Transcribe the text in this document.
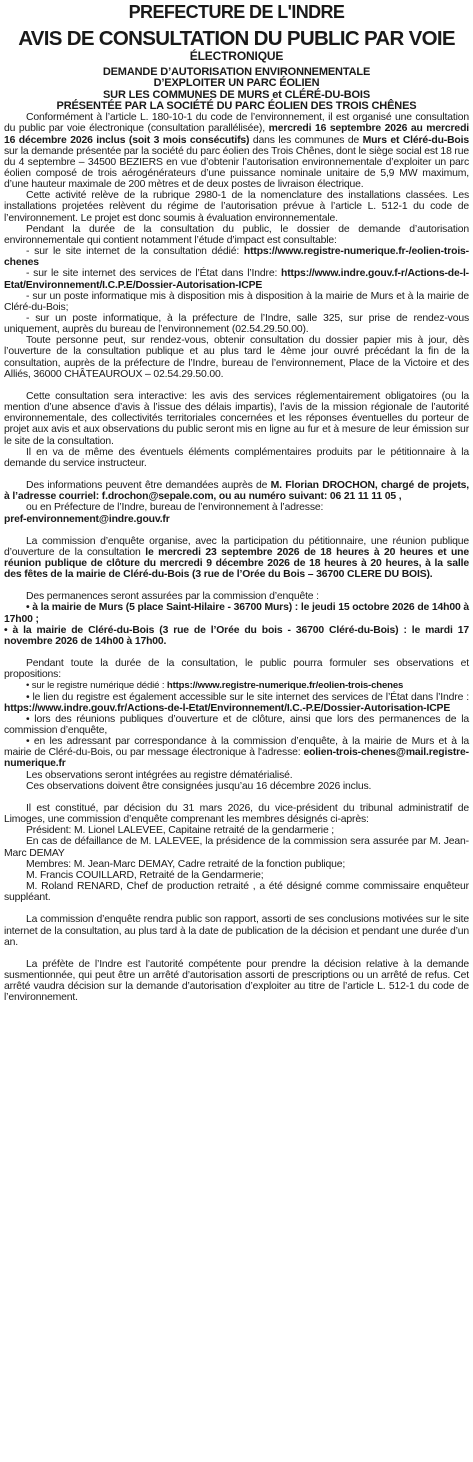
PREFECTURE DE L'INDRE
AVIS DE CONSULTATION DU PUBLIC PAR VOIE
ÉLECTRONIQUE
DEMANDE D’AUTORISATION ENVIRONNEMENTALE
D’EXPLOITER UN PARC ÉOLIEN
SUR LES COMMUNES DE MURS et CLÉRÉ-DU-BOIS
PRÉSENTÉE PAR LA SOCIÉTÉ DU PARC ÉOLIEN DES TROIS CHÊNES

Conformément à l’article L. 180-10-1 du code de l’environnement, il est organisé une consultation du public par voie électronique (consultation parallélisée), mercredi 16 septembre 2026 au mercredi 16 décembre 2026 inclus (soit 3 mois consécutifs) dans les communes de Murs et Cléré-du-Bois sur la demande présentée par la société du parc éolien des Trois Chênes, dont le siège social est 18 rue du 4 septembre – 34500 BEZIERS en vue d’obtenir l’autorisation environnementale d’exploiter un parc éolien composé de trois aérogénérateurs d’une puissance nominale unitaire de 5,9 MW maximum, d’une hauteur maximale de 200 mètres et de deux postes de livraison électrique.

Cette activité relève de la rubrique 2980-1 de la nomenclature des installations classées. Les installations projetées relèvent du régime de l’autorisation prévue à l’article L. 512-1 du code de l’environnement. Le projet est donc soumis à évaluation environnementale.

Pendant la durée de la consultation du public, le dossier de demande d’autorisation environnementale qui contient notamment l’étude d’impact est consultable:

- sur le site internet de la consultation dédié: https://www.registre-numerique.fr-/eolien-trois-chenes

- sur le site internet des services de l’État dans l’Indre: https://www.indre.gouv.f-r/Actions-de-l-Etat/Environnement/I.C.P.E/Dossier-Autorisation-ICPE

- sur un poste informatique mis à disposition mis à disposition à la mairie de Murs et à la mairie de Cléré-du-Bois;

- sur un poste informatique, à la préfecture de l’Indre, salle 325, sur prise de rendez-vous uniquement, auprès du bureau de l’environnement (02.54.29.50.00).

Toute personne peut, sur rendez-vous, obtenir consultation du dossier papier mis à jour, dès l’ouverture de la consultation publique et au plus tard le 4ème jour ouvré précédant la fin de la consultation, auprès de la préfecture de l’Indre, bureau de l’environnement, Place de la Victoire et des Alliés, 36000 CHÂTEAUROUX – 02.54.29.50.00.

Cette consultation sera interactive: les avis des services réglementairement obligatoires (ou la mention d’une absence d’avis à l’issue des délais impartis), l’avis de la mission régionale de l’autorité environnementale, des collectivités territoriales concernées et les réponses éventuelles du porteur de projet aux avis et aux observations du public seront mis en ligne au fur et à mesure de leur émission sur le site de la consultation.

Il en va de même des éventuels éléments complémentaires produits par le pétitionnaire à la demande du service instructeur.

Des informations peuvent être demandées auprès de M. Florian DROCHON, chargé de projets, à l’adresse courriel: f.drochon@sepale.com, ou au numéro suivant: 06 21 11 11 05 ,

ou en Préfecture de l’Indre, bureau de l’environnement à l’adresse:

pref-environnement@indre.gouv.fr

La commission d’enquête organise, avec la participation du pétitionnaire, une réunion publique d’ouverture de la consultation le mercredi 23 septembre 2026 de 18 heures à 20 heures et une réunion publique de clôture du mercredi 9 décembre 2026 de 18 heures à 20 heures, à la salle des fêtes de la mairie de Cléré-du-Bois (3 rue de l’Orée du Bois – 36700 CLERE DU BOIS).

Des permanences seront assurées par la commission d’enquête :

• à la mairie de Murs (5 place Saint-Hilaire - 36700 Murs) : le jeudi 15 octobre 2026 de 14h00 à 17h00 ;

• à la mairie de Cléré-du-Bois (3 rue de l’Orée du bois - 36700 Cléré-du-Bois) : le mardi 17 novembre 2026 de 14h00 à 17h00.

Pendant toute la durée de la consultation, le public pourra formuler ses observations et propositions:

• sur le registre numérique dédié : https://www.registre-numerique.fr/eolien-trois-chenes

• le lien du registre est également accessible sur le site internet des services de l’État dans l’Indre : https://www.indre.gouv.fr/Actions-de-l-Etat/Environnement/I.C.-P.E/Dossier-Autorisation-ICPE

• lors des réunions publiques d’ouverture et de clôture, ainsi que lors des permanences de la commission d’enquête,

• en les adressant par correspondance à la commission d’enquête, à la mairie de Murs et à la mairie de Cléré-du-Bois, ou par message électronique à l'adresse: eolien-trois-chenes@mail.registre-numerique.fr

Les observations seront intégrées au registre dématérialisé.

Ces observations doivent être consignées jusqu’au 16 décembre 2026 inclus.

Il est constitué, par décision du 31 mars 2026, du vice-président du tribunal administratif de Limoges, une commission d’enquête comprenant les membres désignés ci-après:

Président: M. Lionel LALEVEE, Capitaine retraité de la gendarmerie ;

En cas de défaillance de M. LALEVEE, la présidence de la commission sera assurée par M. Jean-Marc DEMAY

Membres: M. Jean-Marc DEMAY, Cadre retraité de la fonction publique;

M. Francis COUILLARD, Retraité de la Gendarmerie;

M. Roland RENARD, Chef de production retraité , a été désigné comme commissaire enquêteur suppléant.

La commission d’enquête rendra public son rapport, assorti de ses conclusions motivées sur le site internet de la consultation, au plus tard à la date de publication de la décision et pendant une durée d’un an.

La préfète de l’Indre est l’autorité compétente pour prendre la décision relative à la demande susmentionnée, qui peut être un arrêté d’autorisation assorti de prescriptions ou un arrêté de refus. Cet arrêté vaudra décision sur la demande d’autorisation d’exploiter au titre de l’article L. 512-1 du code de l’environnement.
